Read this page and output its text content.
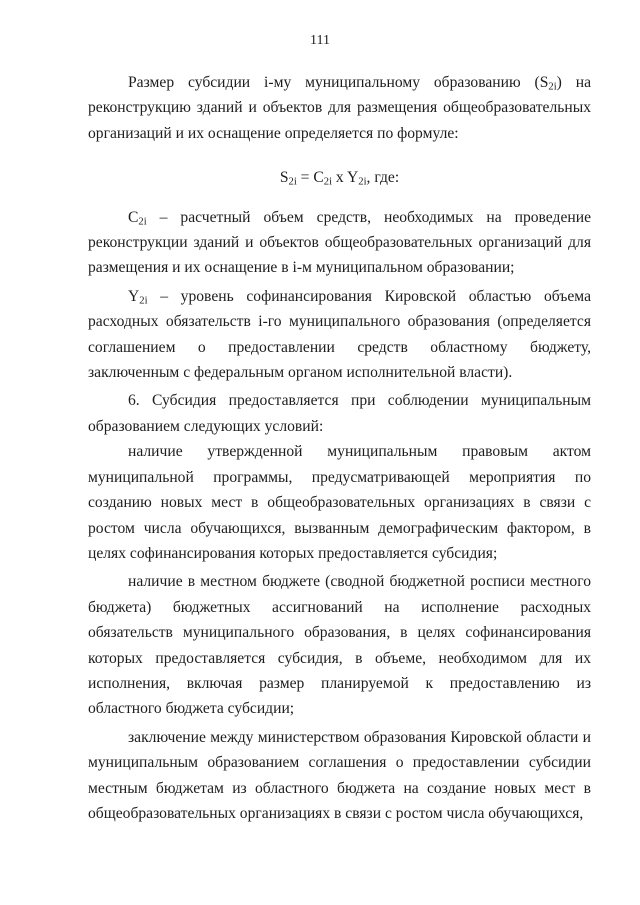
111

Размер субсидии i-му муниципальному образованию $(S_{2i})$ на реконструкцию зданий и объектов для размещения общеобразовательных организаций и их оснащение определяется по формуле:

$S_{2i} = C_{2i}$ x $Y_{2i}$, где:

$C_{2i}$ – расчетный объем средств, необходимых на проведение реконструкции зданий и объектов общеобразовательных организаций для размещения и их оснащение в i-м муниципальном образовании;

$Y_{2i}$ – уровень софинансирования Кировской областью объема расходных обязательств i-го муниципального образования (определяется соглашением о предоставлении средств областному бюджету, заключенным с федеральным органом исполнительной власти).

6. Субсидия предоставляется при соблюдении муниципальным образованием следующих условий:

наличие утвержденной муниципальным правовым актом муниципальной программы, предусматривающей мероприятия по созданию новых мест в общеобразовательных организациях в связи с ростом числа обучающихся, вызванным демографическим фактором, в целях софинансирования которых предоставляется субсидия;

наличие в местном бюджете (сводной бюджетной росписи местного бюджета) бюджетных ассигнований на исполнение расходных обязательств муниципального образования, в целях софинансирования которых предоставляется субсидия, в объеме, необходимом для их исполнения, включая размер планируемой к предоставлению из областного бюджета субсидии;

заключение между министерством образования Кировской области и муниципальным образованием соглашения о предоставлении субсидии местным бюджетам из областного бюджета на создание новых мест в общеобразовательных организациях в связи с ростом числа обучающихся,
